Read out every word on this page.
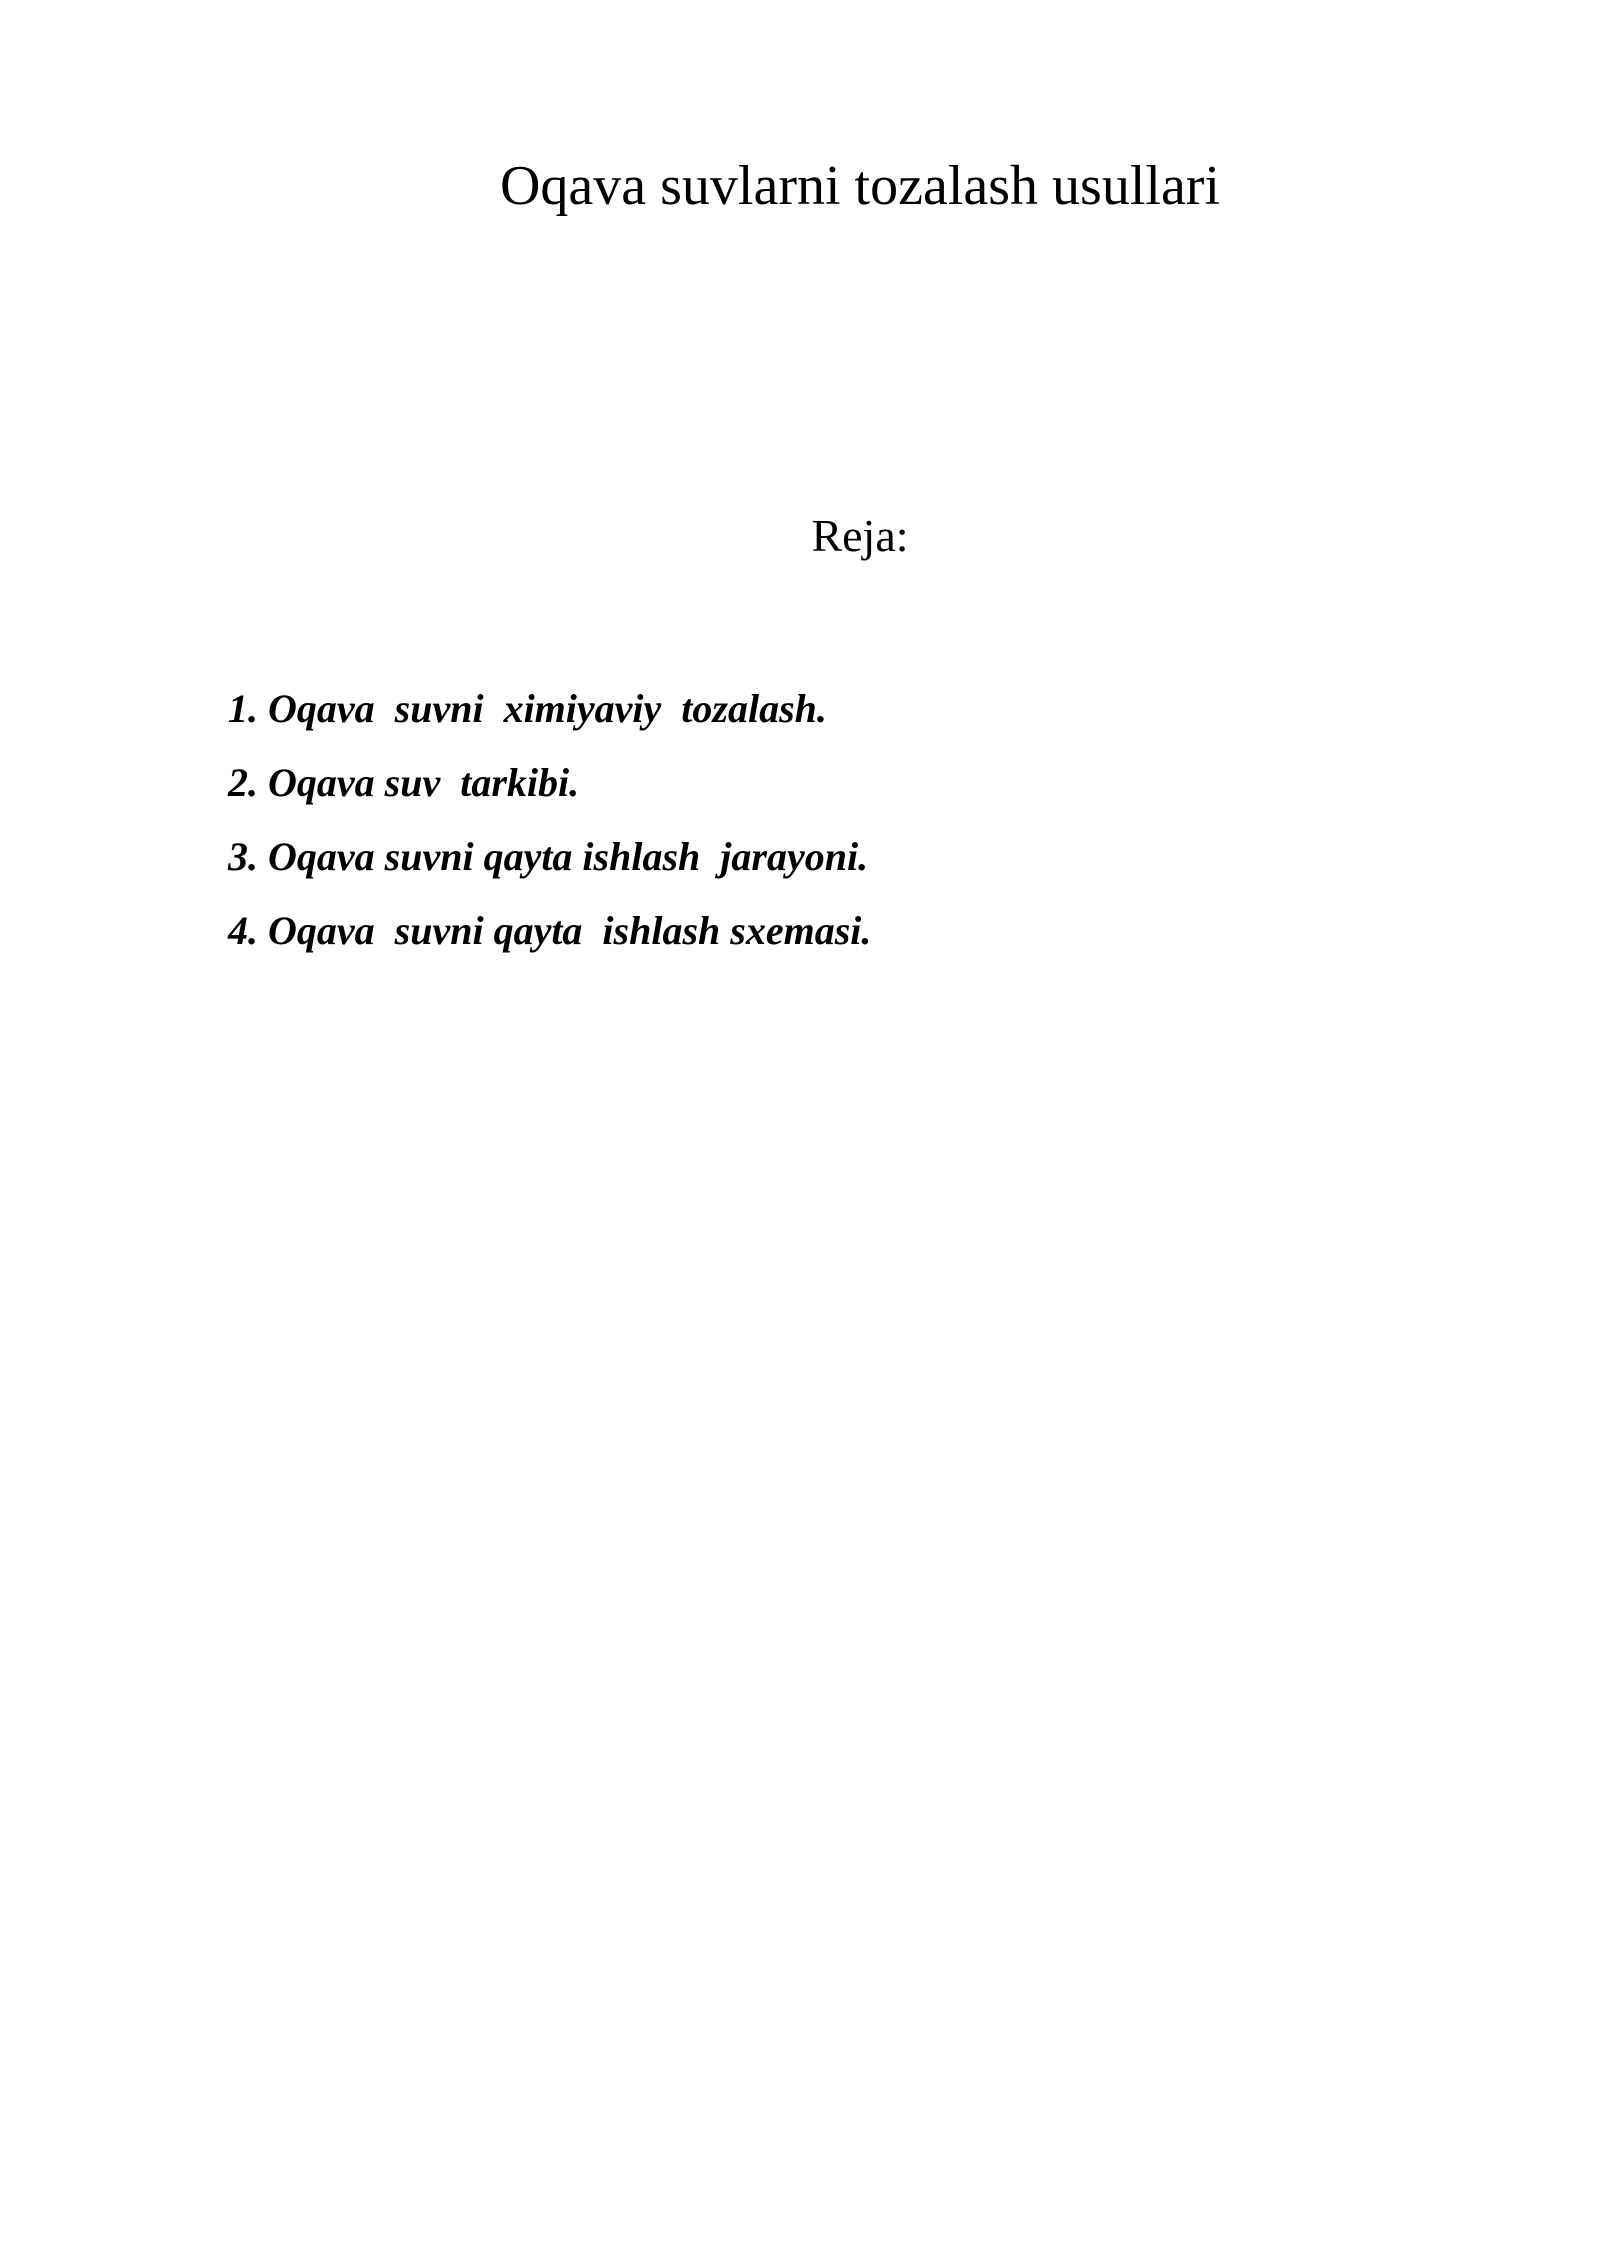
Oqava suvlarni tozalash usullari
Reja:
1. Oqava  suvni  ximiyaviy  tozalash.
2. Oqava suv  tarkibi.
3. Oqava suvni qayta ishlash  jarayoni.
4. Oqava  suvni qayta  ishlash sxemasi.
